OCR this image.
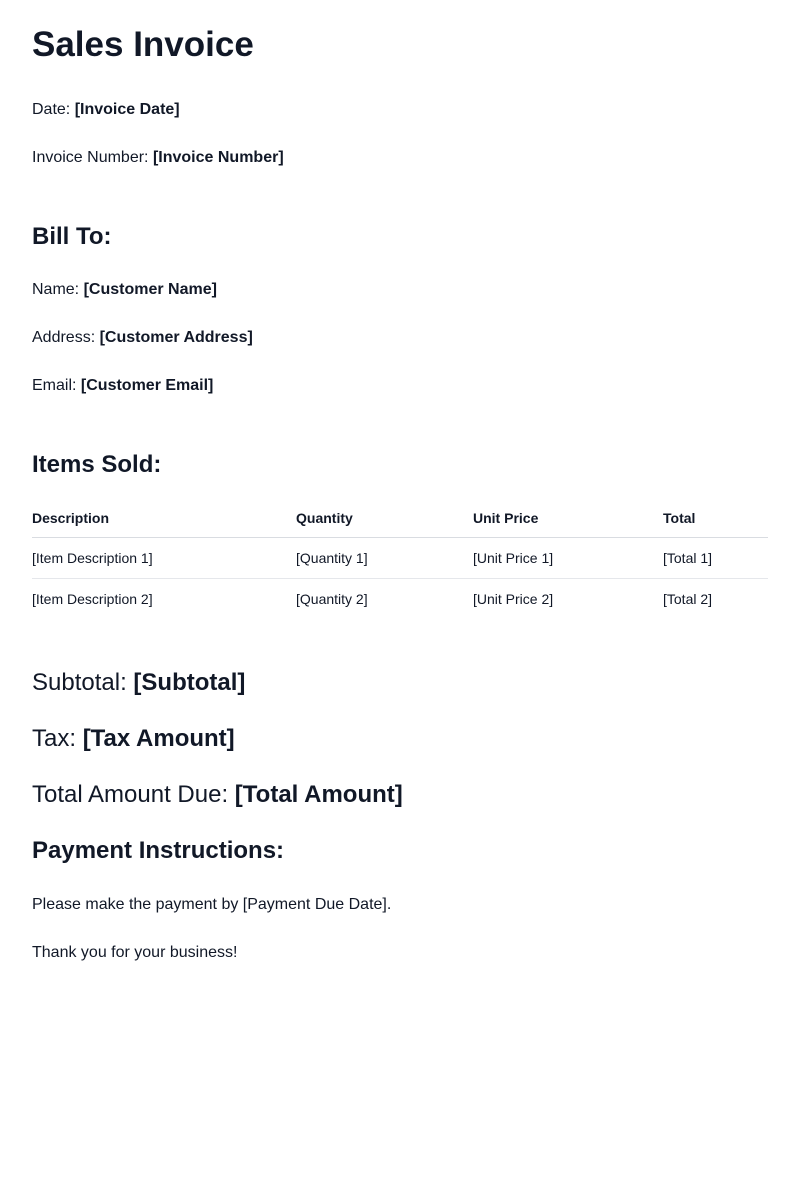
Sales Invoice
Date: [Invoice Date]
Invoice Number: [Invoice Number]
Bill To:
Name: [Customer Name]
Address: [Customer Address]
Email: [Customer Email]
Items Sold:
Description	Quantity	Unit Price	Total
[Item Description 1]	[Quantity 1]	[Unit Price 1]	[Total 1]
[Item Description 2]	[Quantity 2]	[Unit Price 2]	[Total 2]
Subtotal: [Subtotal]
Tax: [Tax Amount]
Total Amount Due: [Total Amount]
Payment Instructions:
Please make the payment by [Payment Due Date].
Thank you for your business!
